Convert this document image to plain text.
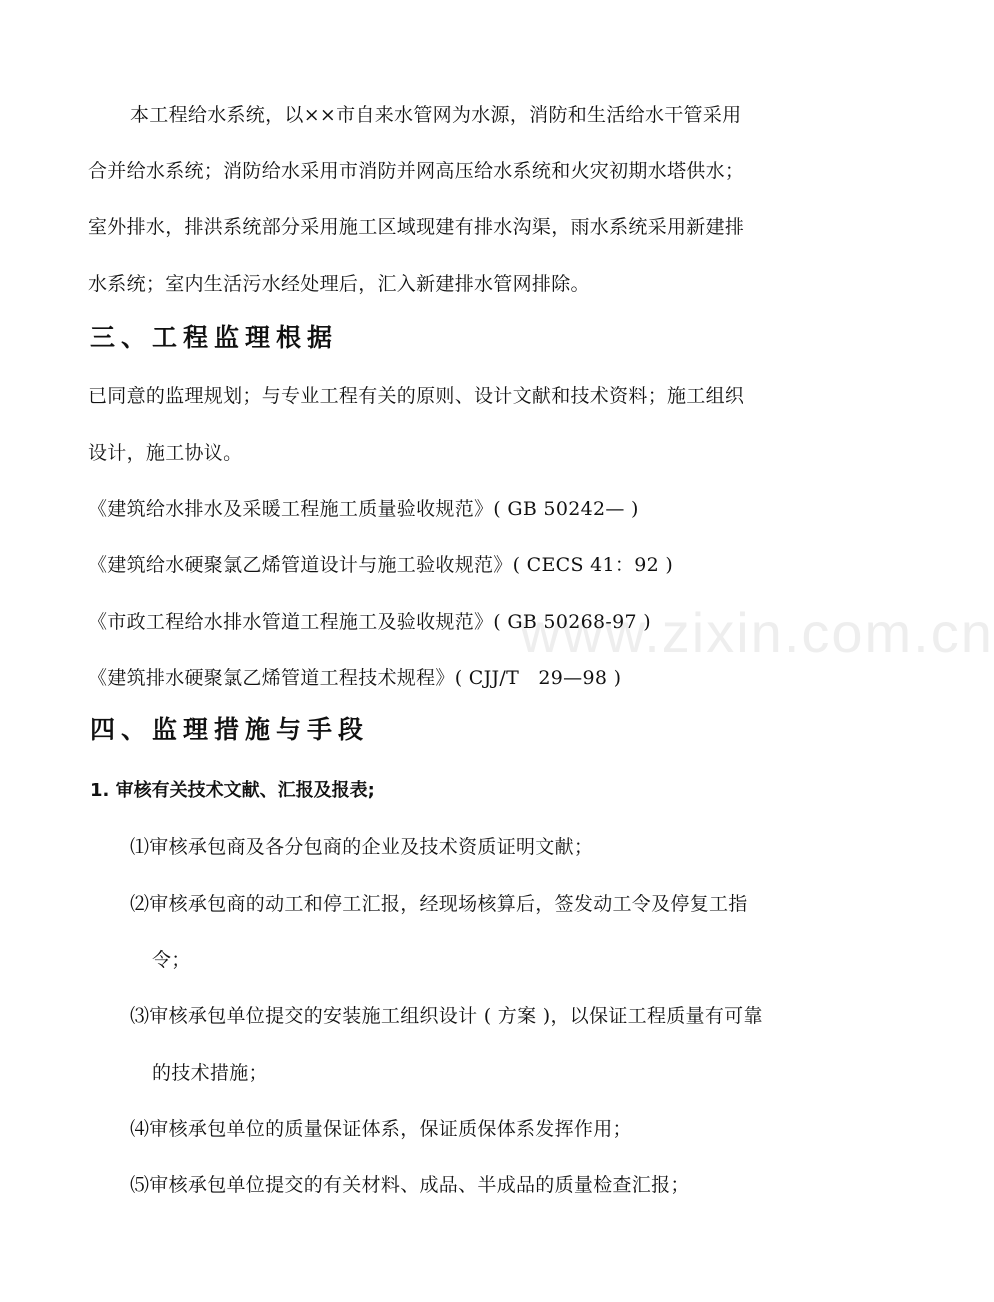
www.zixin.com.cn
本工程给水系统，以××市自来水管网为水源，消防和生活给水干管采用
合并给水系统；消防给水采用市消防并网高压给水系统和火灾初期水塔供水；
室外排水，排洪系统部分采用施工区域现建有排水沟渠，雨水系统采用新建排
水系统；室内生活污水经处理后，汇入新建排水管网排除。
三、工程监理根据
已同意的监理规划；与专业工程有关的原则、设计文献和技术资料；施工组织
设计，施工协议。
《建筑给水排水及采暖工程施工质量验收规范》( GB 50242— )
《建筑给水硬聚氯乙烯管道设计与施工验收规范》( CECS 41：92 )
《市政工程给水排水管道工程施工及验收规范》( GB 50268-97 )
《建筑排水硬聚氯乙烯管道工程技术规程》( CJJ/T　29—98 )
四、监理措施与手段
1. 审核有关技术文献、汇报及报表;
⑴审核承包商及各分包商的企业及技术资质证明文献；
⑵审核承包商的动工和停工汇报，经现场核算后，签发动工令及停复工指
令；
⑶审核承包单位提交的安装施工组织设计 ( 方案 )，以保证工程质量有可靠
的技术措施；
⑷审核承包单位的质量保证体系，保证质保体系发挥作用；
⑸审核承包单位提交的有关材料、成品、半成品的质量检查汇报；
